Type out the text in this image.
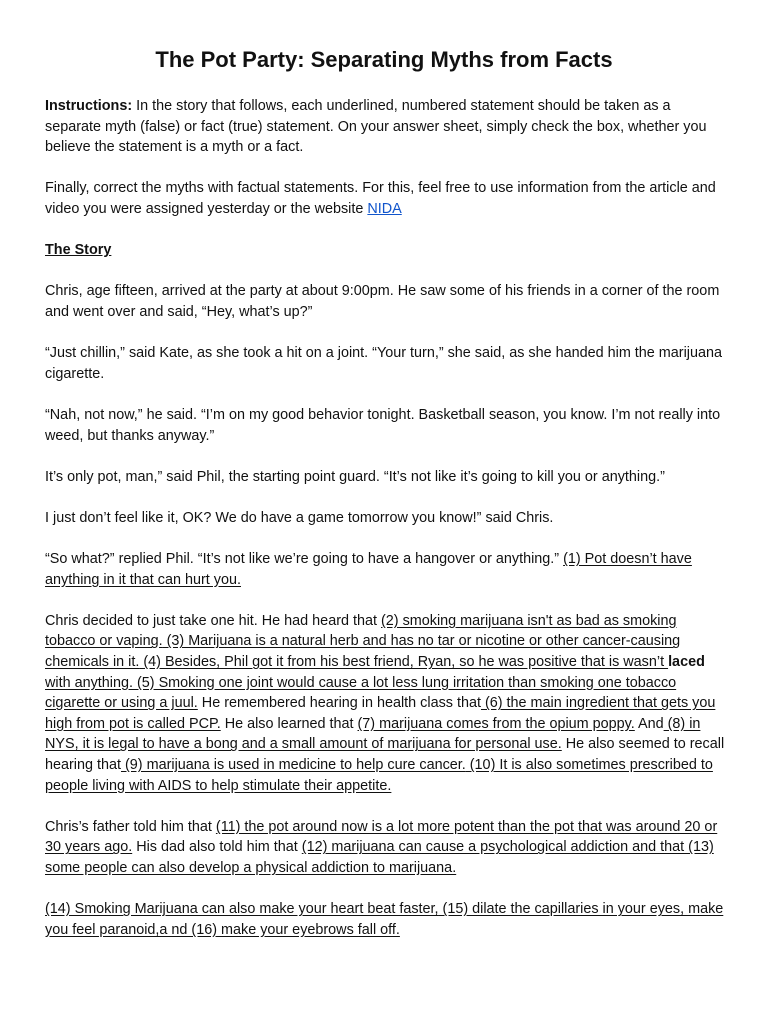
The Pot Party: Separating Myths from Facts

Instructions: In the story that follows, each underlined, numbered statement should be taken as a separate myth (false) or fact (true) statement. On your answer sheet, simply check the box, whether you believe the statement is a myth or a fact.

Finally, correct the myths with factual statements. For this, feel free to use information from the article and video you were assigned yesterday or the website NIDA

The Story

Chris, age fifteen, arrived at the party at about 9:00pm. He saw some of his friends in a corner of the room and went over and said, “Hey, what’s up?”

“Just chillin,” said Kate, as she took a hit on a joint. “Your turn,” she said, as she handed him the marijuana cigarette.

“Nah, not now,” he said. “I’m on my good behavior tonight. Basketball season, you know. I’m not really into weed, but thanks anyway.”

It’s only pot, man,” said Phil, the starting point guard. “It’s not like it’s going to kill you or anything.”

I just don’t feel like it, OK? We do have a game tomorrow you know!” said Chris.

“So what?” replied Phil. “It’s not like we’re going to have a hangover or anything.” (1) Pot doesn’t have anything in it that can hurt you.

Chris decided to just take one hit. He had heard that (2) smoking marijuana isn't as bad as smoking tobacco or vaping. (3) Marijuana is a natural herb and has no tar or nicotine or other cancer-causing chemicals in it. (4) Besides, Phil got it from his best friend, Ryan, so he was positive that is wasn’t laced with anything. (5) Smoking one joint would cause a lot less lung irritation than smoking one tobacco cigarette or using a juul. He remembered hearing in health class that (6) the main ingredient that gets you high from pot is called PCP. He also learned that (7) marijuana comes from the opium poppy. And (8) in NYS, it is legal to have a bong and a small amount of marijuana for personal use. He also seemed to recall hearing that (9) marijuana is used in medicine to help cure cancer. (10) It is also sometimes prescribed to people living with AIDS to help stimulate their appetite.

Chris’s father told him that (11) the pot around now is a lot more potent than the pot that was around 20 or 30 years ago. His dad also told him that (12) marijuana can cause a psychological addiction and that (13) some people can also develop a physical addiction to marijuana.

(14) Smoking Marijuana can also make your heart beat faster, (15) dilate the capillaries in your eyes, make you feel paranoid,a nd (16) make your eyebrows fall off.
